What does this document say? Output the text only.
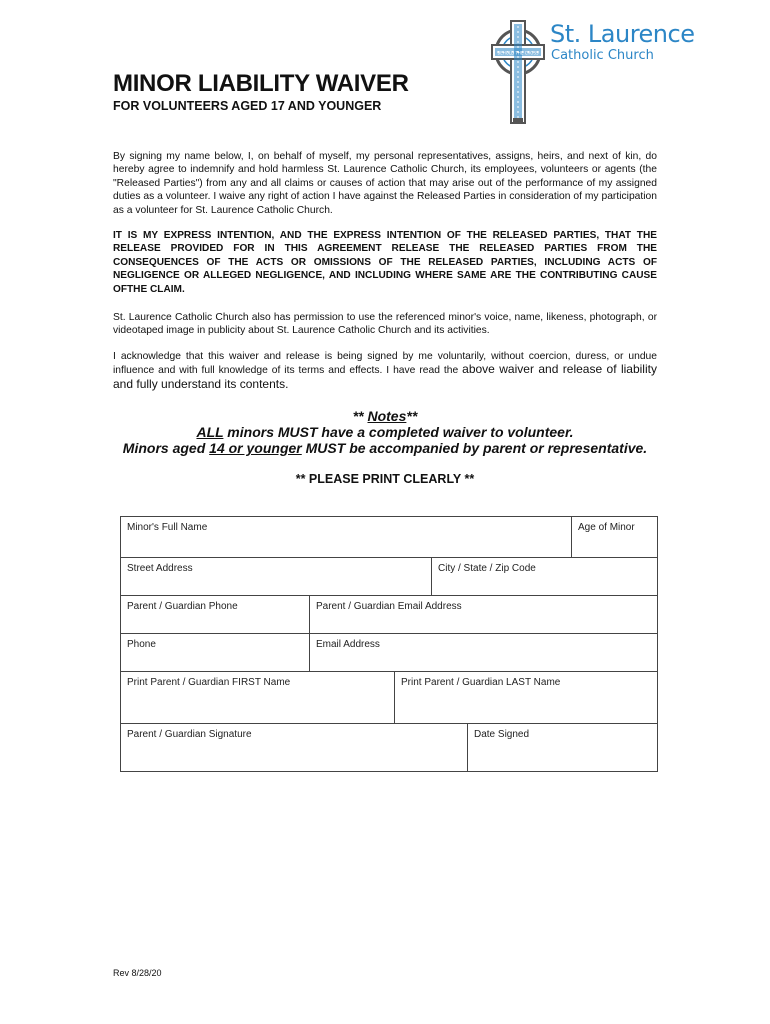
BEHOLD THE CROSS
St. Laurence
Catholic Church
MINOR LIABILITY WAIVER
FOR VOLUNTEERS AGED 17 AND YOUNGER

By signing my name below, I, on behalf of myself, my personal representatives, assigns, heirs, and next of kin, do hereby agree to indemnify and hold harmless St. Laurence Catholic Church, its employees, volunteers or agents (the "Released Parties") from any and all claims or causes of action that may arise out of the performance of my assigned duties as a volunteer. I waive any right of action I have against the Released Parties in consideration of my participation as a volunteer for St. Laurence Catholic Church.

IT IS MY EXPRESS INTENTION, AND THE EXPRESS INTENTION OF THE RELEASED PARTIES, THAT THE RELEASE PROVIDED FOR IN THIS AGREEMENT RELEASE THE RELEASED PARTIES FROM THE CONSEQUENCES OF THE ACTS OR OMISSIONS OF THE RELEASED PARTIES, INCLUDING ACTS OF NEGLIGENCE OR ALLEGED NEGLIGENCE, AND INCLUDING WHERE SAME ARE THE CONTRIBUTING CAUSE OFTHE CLAIM.

St. Laurence Catholic Church also has permission to use the referenced minor's voice, name, likeness, photograph, or videotaped image in publicity about St. Laurence Catholic Church and its activities.

I acknowledge that this waiver and release is being signed by me voluntarily, without coercion, duress, or undue influence and with full knowledge of its terms and effects. I have read the above waiver and release of liability and fully understand its contents.

** Notes**
ALL minors MUST have a completed waiver to volunteer.
Minors aged 14 or younger MUST be accompanied by parent or representative.
** PLEASE PRINT CLEARLY **
Minor's Full Name	Age of Minor
Street Address	City / State / Zip Code
Parent / Guardian Phone	Parent / Guardian Email Address
Phone	Email Address
Print Parent / Guardian FIRST Name	Print Parent / Guardian LAST Name
Parent / Guardian Signature	Date Signed
Rev 8/28/20
